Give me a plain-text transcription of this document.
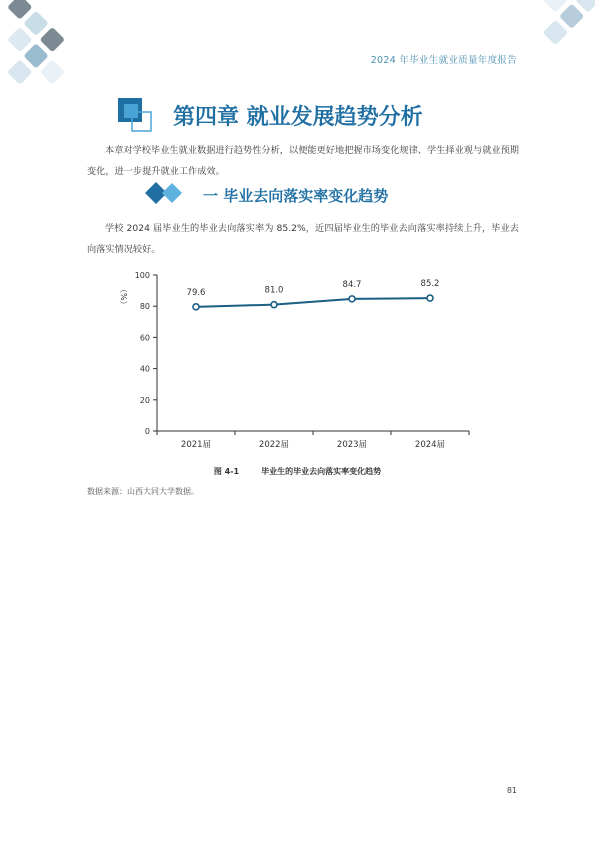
2024 年毕业生就业质量年度报告
第四章 就业发展趋势分析
本章对学校毕业生就业数据进行趋势性分析，以便能更好地把握市场变化规律、学生择业观与就业预期变化，进一步提升就业工作成效。
一 毕业去向落实率变化趋势
学校 2024 届毕业生的毕业去向落实率为 85.2%，近四届毕业生的毕业去向落实率持续上升，毕业去向落实情况较好。
0
20
40
60
80
100
（%）
2021届	2022届	2023届	2024届
79.6	81.0
84.7	85.2
图 4-1	毕业生的毕业去向落实率变化趋势
数据来源：山西大同大学数据。
81
